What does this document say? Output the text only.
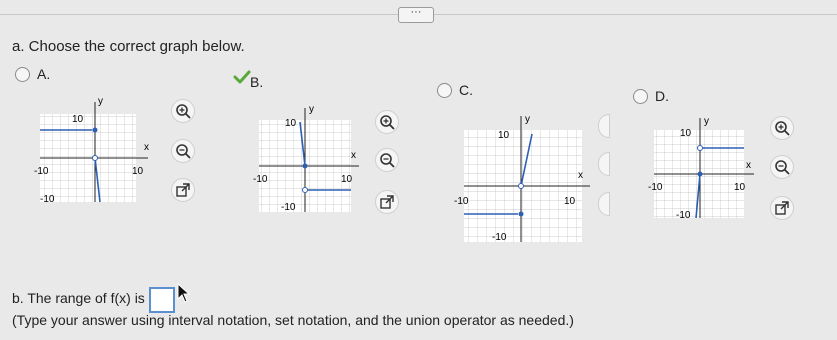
···
a. Choose the correct graph below.
A.	B.	C.	D.
y
x
10
-10	10
-10
y
x
10
-10	10
-10
y
x
10
-10	10
-10
y
x
10
-10	10
-10
b. The range of f(x) is
(Type your answer using interval notation, set notation, and the union operator as needed.)
